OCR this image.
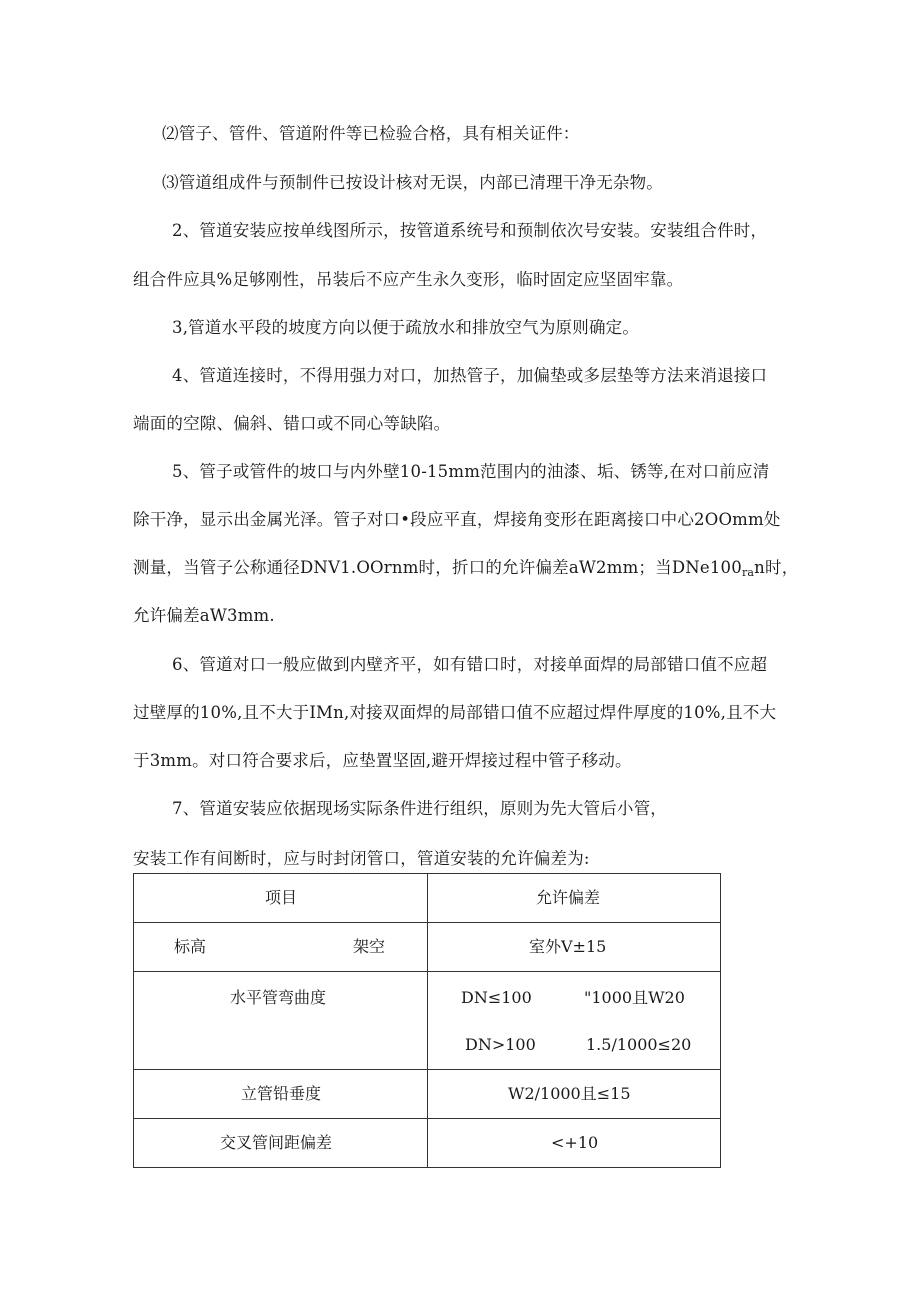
⑵管子、管件、管道附件等已检验合格，具有相关证件：
⑶管道组成件与预制件已按设计核对无误，内部已清理干净无杂物。
2、管道安装应按单线图所示，按管道系统号和预制依次号安装。安装组合件时，
组合件应具%足够刚性，吊装后不应产生永久变形，临时固定应坚固牢靠。
3,管道水平段的坡度方向以便于疏放水和排放空气为原则确定。
4、管道连接时，不得用强力对口，加热管子，加偏垫或多层垫等方法来消退接口
端面的空隙、偏斜、错口或不同心等缺陷。
5、管子或管件的坡口与内外壁10-15mm范围内的油漆、垢、锈等,在对口前应清
除干净，显示出金属光泽。管子对口•段应平直，焊接角变形在距离接口中心2OOmm处
测量，当管子公称通径DNV1.OOrnm时，折口的允许偏差aW2mm；当$DNe100_{ra}n$时，
允许偏差aW3mm.
6、管道对口一般应做到内壁齐平，如有错口时，对接单面焊的局部错口值不应超
过壁厚的10%,且不大于IMn,对接双面焊的局部错口值不应超过焊件厚度的10%,且不大
于3mm。对口符合要求后，应垫置坚固,避开焊接过程中管子移动。
7、管道安装应依据现场实际条件进行组织，原则为先大管后小管，
安装工作有间断时，应与时封闭管口，管道安装的允许偏差为:
项目	允许偏差
标高	架空	室外V±15
水平管弯曲度	DN≤100	"1000且W20
DN>100	1.5/1000≤20
立管铅垂度	W2/1000且≤15
交叉管间距偏差	<+10
